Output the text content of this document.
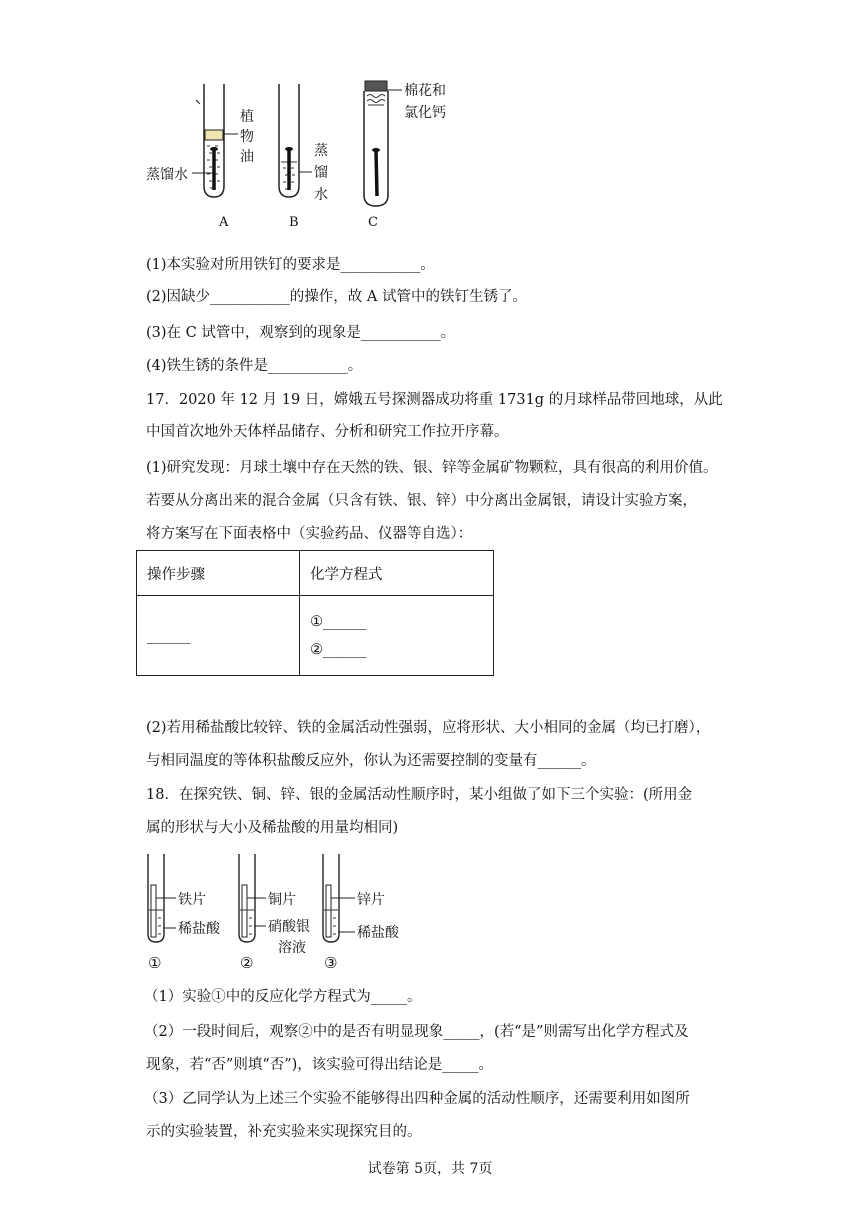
植
物
油
蒸馏水
蒸
馏
水
棉花和
氯化钙
A	B	C
(1)本实验对所用铁钉的要求是___________。
(2)因缺少___________的操作，故 A 试管中的铁钉生锈了。
(3)在 C 试管中，观察到的现象是___________。
(4)铁生锈的条件是___________。
17．2020 年 12 月 19 日，嫦娥五号探测器成功将重 1731g 的月球样品带回地球，从此
中国首次地外天体样品储存、分析和研究工作拉开序幕。
(1)研究发现：月球土壤中存在天然的铁、银、锌等金属矿物颗粒，具有很高的利用价值。
若要从分离出来的混合金属（只含有铁、银、锌）中分离出金属银，请设计实验方案，
将方案写在下面表格中（实验药品、仪器等自选）：
操作步骤	化学方程式
______	①______
②______
(2)若用稀盐酸比较锌、铁的金属活动性强弱，应将形状、大小相同的金属（均已打磨），
与相同温度的等体积盐酸反应外，你认为还需要控制的变量有______。
18．在探究铁、铜、锌、银的金属活动性顺序时，某小组做了如下三个实验：(所用金
属的形状与大小及稀盐酸的用量均相同)
铁片
稀盐酸
铜片
硝酸银
溶液
锌片
稀盐酸
①	②	③
（1）实验①中的反应化学方程式为_____。
（2）一段时间后，观察②中的是否有明显现象_____，(若“是”则需写出化学方程式及
现象，若“否”则填“否”)，该实验可得出结论是_____。
（3）乙同学认为上述三个实验不能够得出四种金属的活动性顺序，还需要利用如图所
示的实验装置，补充实验来实现探究目的。
试卷第 5页，共 7页
